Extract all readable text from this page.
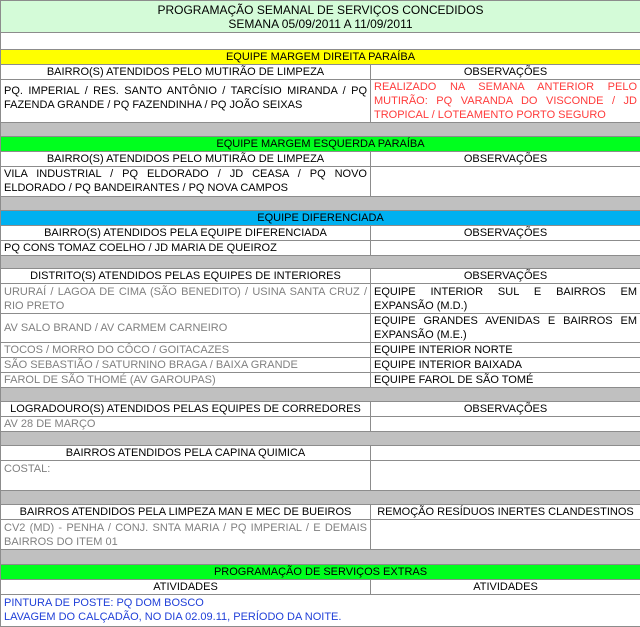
PROGRAMAÇÃO SEMANAL DE SERVIÇOS CONCEDIDOS
SEMANA 05/09/2011 A 11/09/2011	

EQUIPE MARGEM DIREITA PARAÍBA	
BAIRRO(S) ATENDIDOS PELO MUTIRÃO DE LIMPEZA	OBSERVAÇÕES
PQ. IMPERIAL / RES. SANTO ANTÔNIO / TARCÍSIO MIRANDA / PQ FAZENDA GRANDE / PQ FAZENDINHA / PQ JOÃO SEIXAS	REALIZADO NA SEMANA ANTERIOR PELO MUTIRÃO: PQ VARANDA DO VISCONDE / JD TROPICAL / LOTEAMENTO PORTO SEGURO

EQUIPE MARGEM ESQUERDA PARAÍBA	
BAIRRO(S) ATENDIDOS PELO MUTIRÃO DE LIMPEZA	OBSERVAÇÕES
VILA INDUSTRIAL / PQ ELDORADO / JD CEASA / PQ NOVO ELDORADO / PQ BANDEIRANTES / PQ NOVA CAMPOS	

EQUIPE DIFERENCIADA	
BAIRRO(S) ATENDIDOS PELA EQUIPE DIFERENCIADA	OBSERVAÇÕES
PQ CONS TOMAZ COELHO / JD MARIA DE QUEIROZ	

DISTRITO(S) ATENDIDOS PELAS EQUIPES DE INTERIORES	OBSERVAÇÕES
URURAÍ / LAGOA DE CIMA (SÃO BENEDITO) / USINA SANTA CRUZ / RIO PRETO	EQUIPE INTERIOR SUL E BAIRROS EM EXPANSÃO (M.D.)
AV SALO BRAND / AV CARMEM CARNEIRO	EQUIPE GRANDES AVENIDAS E BAIRROS EM EXPANSÃO (M.E.)
TOCOS / MORRO DO CÔCO / GOITACAZES	EQUIPE INTERIOR NORTE
SÃO SEBASTIÃO / SATURNINO BRAGA / BAIXA GRANDE	EQUIPE INTERIOR BAIXADA
FAROL DE SÃO THOMÉ (AV GAROUPAS)	EQUIPE FAROL DE SÃO TOMÉ

LOGRADOURO(S) ATENDIDOS PELAS EQUIPES DE CORREDORES	OBSERVAÇÕES
AV 28 DE MARÇO	

BAIRROS ATENDIDOS PELA CAPINA QUIMICA	
COSTAL:	

BAIRROS ATENDIDOS PELA LIMPEZA MAN E MEC DE BUEIROS	REMOÇÃO RESÍDUOS INERTES CLANDESTINOS
CV2 (MD) - PENHA / CONJ. SNTA MARIA / PQ IMPERIAL / E DEMAIS BAIRROS DO ITEM 01	

PROGRAMAÇÃO DE SERVIÇOS EXTRAS	
ATIVIDADES	ATIVIDADES

PINTURA DE POSTE: PQ DOM BOSCO
LAVAGEM DO CALÇADÃO, NO DIA 02.09.11, PERÍODO DA NOITE.	
